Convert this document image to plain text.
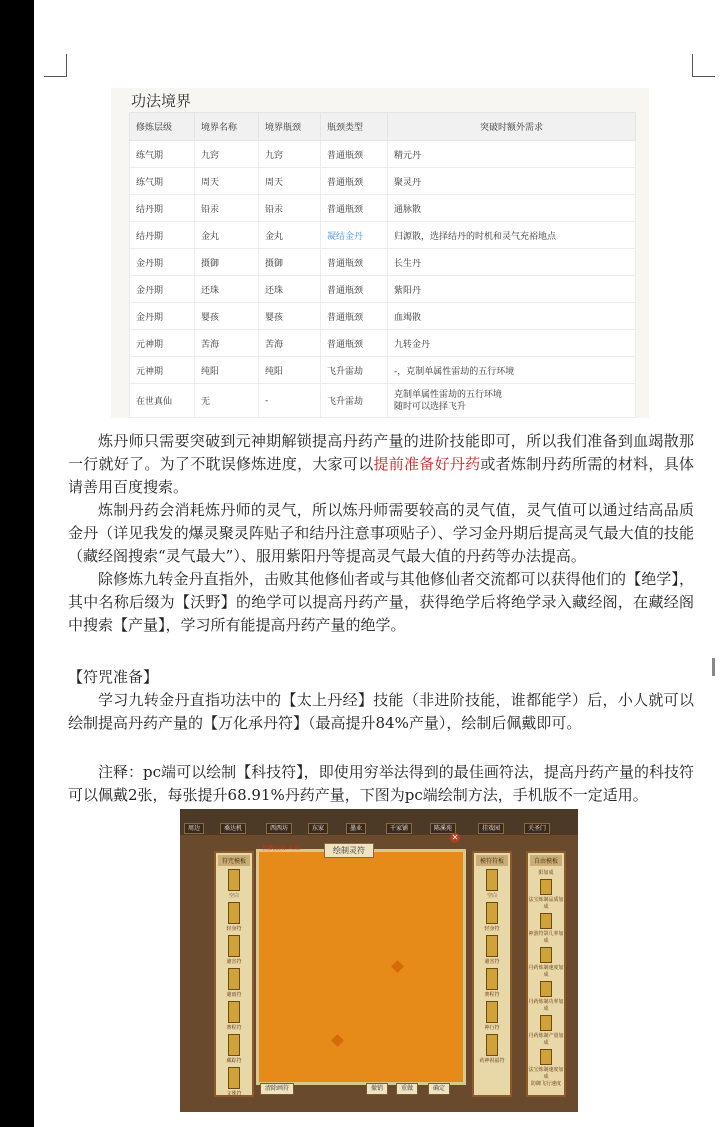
功法境界
修炼层级	境界名称	境界瓶颈	瓶颈类型	突破时额外需求
练气期	九窍	九窍	普通瓶颈	精元丹
练气期	周天	周天	普通瓶颈	聚灵丹
结丹期	铅汞	铅汞	普通瓶颈	通脉散
结丹期	金丸	金丸	凝结金丹	归源散，选择结丹的时机和灵气充裕地点
金丹期	摄御	摄御	普通瓶颈	长生丹
金丹期	还珠	还珠	普通瓶颈	紫阳丹
金丹期	婴孩	婴孩	普通瓶颈	血竭散
元神期	苦海	苦海	普通瓶颈	九转金丹
元神期	纯阳	纯阳	飞升雷劫	-，克制单属性雷劫的五行环境
在世真仙	无	-	飞升雷劫	克制单属性雷劫的五行环境
随时可以选择飞升

炼丹师只需要突破到元神期解锁提高丹药产量的进阶技能即可，所以我们准备到血竭散那一行就好了。为了不耽误修炼进度，大家可以提前准备好丹药或者炼制丹药所需的材料，具体请善用百度搜索。

炼制丹药会消耗炼丹师的灵气，所以炼丹师需要较高的灵气值，灵气值可以通过结高品质金丹（详见我发的爆灵聚灵阵贴子和结丹注意事项贴子）、学习金丹期后提高灵气最大值的技能（藏经阁搜索“灵气最大”）、服用紫阳丹等提高灵气最大值的丹药等办法提高。

除修炼九转金丹直指外，击败其他修仙者或与其他修仙者交流都可以获得他们的【绝学】，其中名称后缀为【沃野】的绝学可以提高丹药产量，获得绝学后将绝学录入藏经阁，在藏经阁中搜索【产量】，学习所有能提高丹药产量的绝学。

【符咒准备】

学习九转金丹直指功法中的【太上丹经】技能（非进阶技能，谁都能学）后，小人就可以绘制提高丹药产量的【万化承丹符】（最高提升84%产量），绘制后佩戴即可。

注释：pc端可以绘制【科技符】，即使用穷举法得到的最佳画符法，提高丹药产量的科技符可以佩戴2张，每张提升68.91%丹药产量，下图为pc端绘制方法，手机版不一定适用。

周边	桑达机	西西坊	东家	墨业	千家铺	陈溪苑	挂戏园	关圣门
符咒模板
空白
轻身符
避害符
避雨符
赛程符
藏踪符
文殊符
预测品质:未知	绘制灵符
✕
模符符板
空白
轻身符
避害符
赛程符
神行符
药神祝福符
自由模板
阳加成
法宝炼制品质加成
神游符箓几率加成
丹药炼制速度加成
丹药炼制功率加成
丹药炼制产量加成
法宝炼制速度加成
防御飞行速度
清除画符	撤销	重做	确定
